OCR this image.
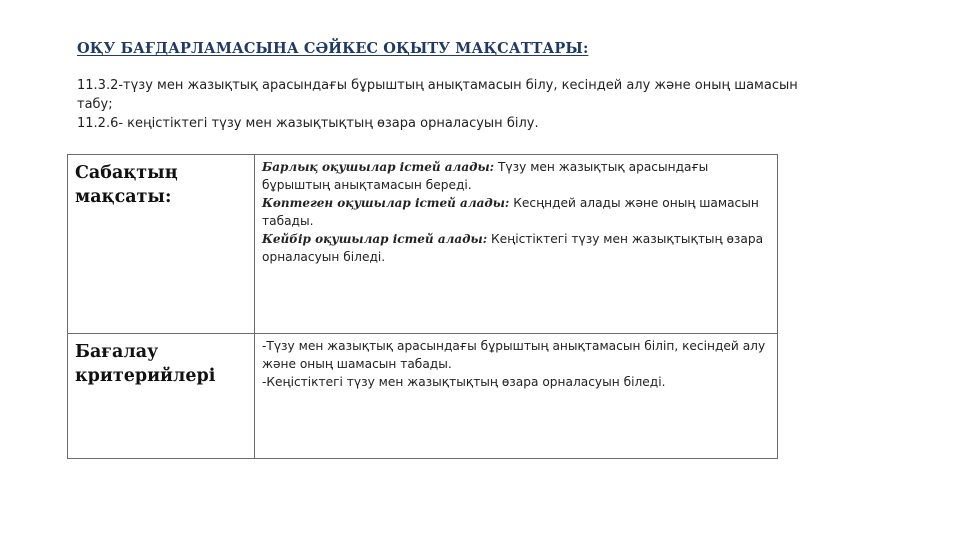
ОҚУ БАҒДАРЛАМАСЫНА СӘЙКЕС ОҚЫТУ МАҚСАТТАРЫ:

11.3.2-түзу мен жазықтық арасындағы бұрыштың анықтамасын білу, кесіндей алу және оның шамасын табу;

11.2.6- кеңістіктегі түзу мен жазықтықтың өзара орналасуын білу.

Сабақтың мақсаты:	Барлық оқушылар істей алады: Түзу мен жазықтық арасындағы бұрыштың анықтамасын береді.

Көптеген оқушылар істей алады: Кесңндей алады және оның шамасын табады.

Кейбір оқушылар істей алады: Кеңістіктегі түзу мен жазықтықтың өзара орналасуын біледі.

Бағалау критерийлері	-Түзу мен жазықтық арасындағы бұрыштың анықтамасын біліп, кесіндей алу және оның шамасын табады.

-Кеңістіктегі түзу мен жазықтықтың өзара орналасуын біледі.
